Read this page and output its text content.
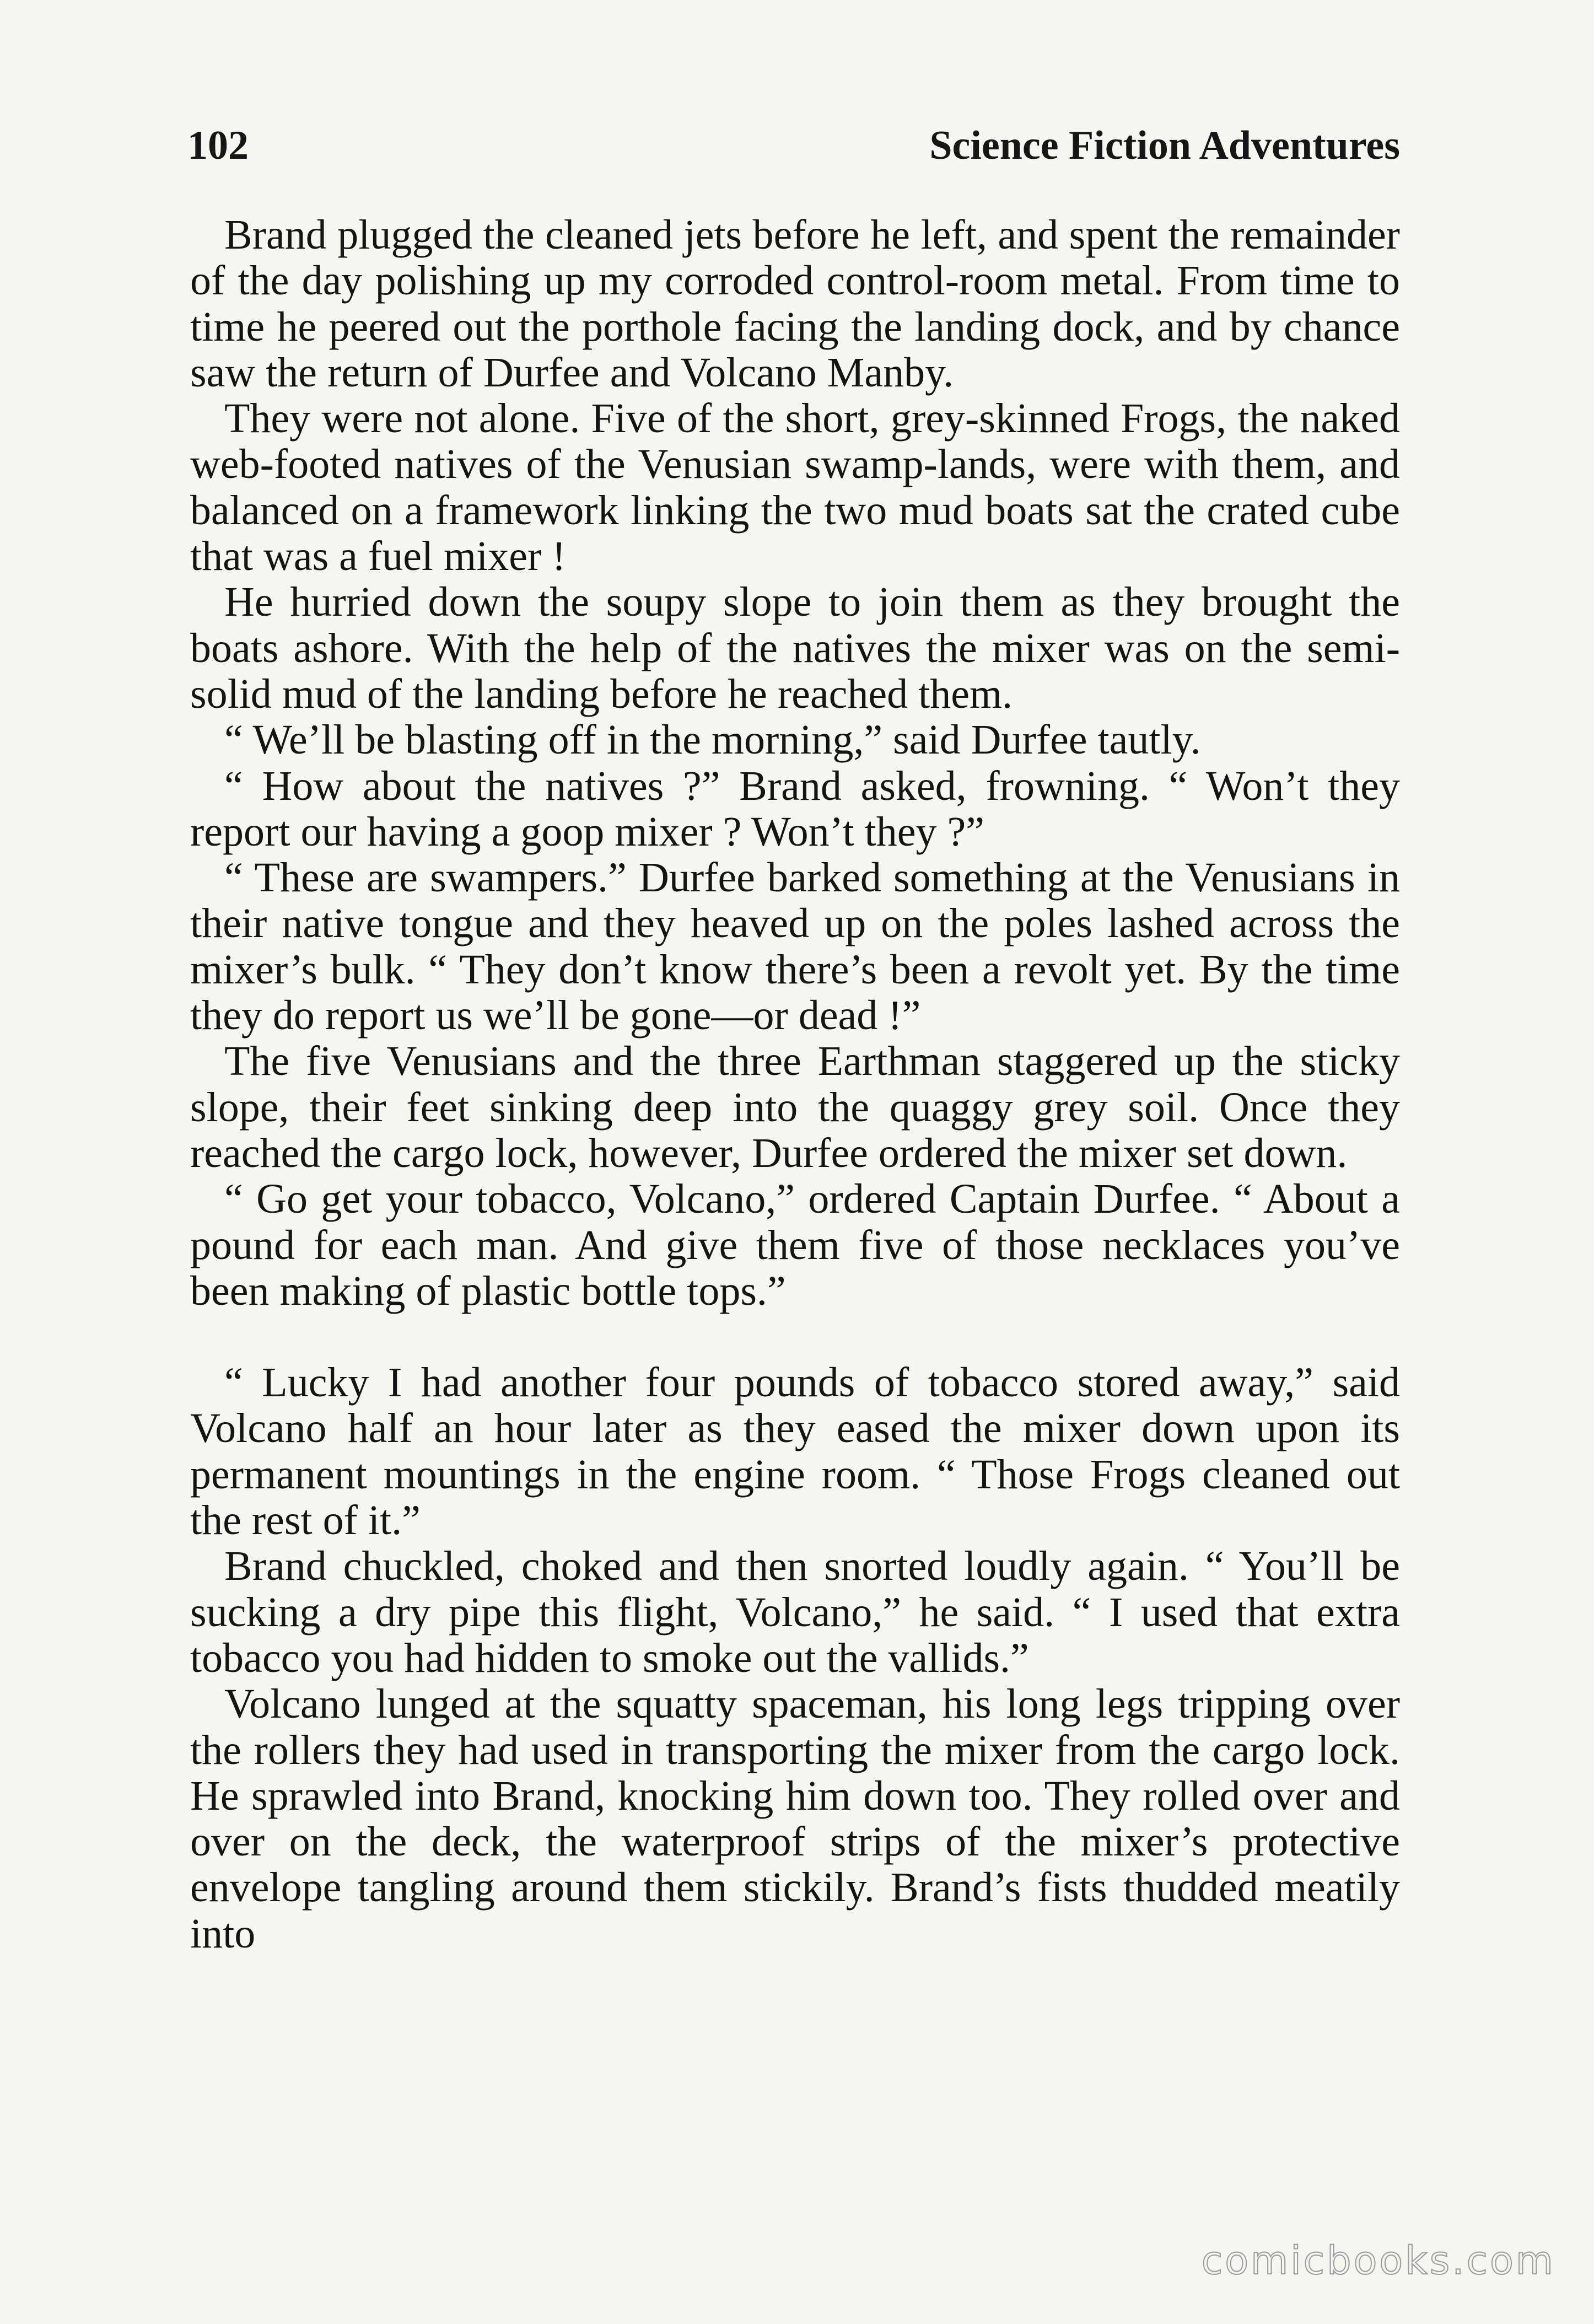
102	Science Fiction Adventures

Brand plugged the cleaned jets before he left, and spent the remainder of the day polishing up my corroded control-room metal. From time to time he peered out the porthole facing the landing dock, and by chance saw the return of Durfee and Volcano Manby.

They were not alone. Five of the short, grey-skinned Frogs, the naked web-footed natives of the Venusian swamp-lands, were with them, and balanced on a framework linking the two mud boats sat the crated cube that was a fuel mixer !

He hurried down the soupy slope to join them as they brought the boats ashore. With the help of the natives the mixer was on the semi-solid mud of the landing before he reached them.

“ We’ll be blasting off in the morning,” said Durfee tautly.

“ How about the natives ?” Brand asked, frowning. “ Won’t they report our having a goop mixer ? Won’t they ?”

“ These are swampers.” Durfee barked something at the Venusians in their native tongue and they heaved up on the poles lashed across the mixer’s bulk. “ They don’t know there’s been a revolt yet. By the time they do report us we’ll be gone—or dead !”

The five Venusians and the three Earthman staggered up the sticky slope, their feet sinking deep into the quaggy grey soil. Once they reached the cargo lock, however, Durfee ordered the mixer set down.

“ Go get your tobacco, Volcano,” ordered Captain Durfee. “ About a pound for each man. And give them five of those necklaces you’ve been making of plastic bottle tops.”

“ Lucky I had another four pounds of tobacco stored away,” said Volcano half an hour later as they eased the mixer down upon its permanent mountings in the engine room. “ Those Frogs cleaned out the rest of it.”

Brand chuckled, choked and then snorted loudly again. “ You’ll be sucking a dry pipe this flight, Volcano,” he said. “ I used that extra tobacco you had hidden to smoke out the vallids.”

Volcano lunged at the squatty spaceman, his long legs tripping over the rollers they had used in transporting the mixer from the cargo lock. He sprawled into Brand, knocking him down too. They rolled over and over on the deck, the waterproof strips of the mixer’s protective envelope tangling around them stickily. Brand’s fists thudded meatily into

comicbooks.com
